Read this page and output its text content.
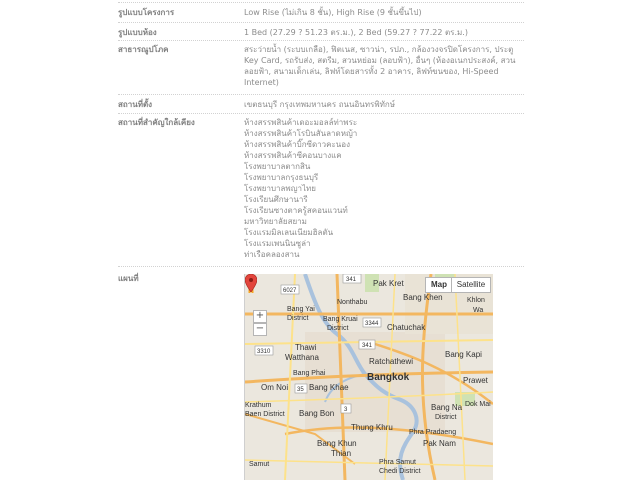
รูปแบบโครงการ	Low Rise (ไม่เกิน 8 ชั้น), High Rise (9 ชั้นขึ้นไป)
รูปแบบห้อง	1 Bed (27.29 ? 51.23 ตร.ม.), 2 Bed (59.27 ? 77.22 ตร.ม.)
สาธารณูปโภค	สระว่ายน้ำ (ระบบเกลือ), ฟิตเนส, ซาวน่า, รปภ., กล้องวงจรปิดโครงการ, ประตู Key Card, รถรับส่ง, สตรีม, สวนหย่อม (ลอบฟ้า), อื่นๆ (ห้องอเนกประสงค์, สวนลอยฟ้า, สนามเด็กเล่น, ลิฟท์โดยสารทั้ง 2 อาคาร, ลิฟท์ขนของ, Hi-Speed Internet)
สถานที่ตั้ง	เขตธนบุรี กรุงเทพมหานคร ถนนอินทรพิทักษ์
สถานที่สำคัญใกล้เคียง	ห้างสรรพสินค้าเดอะมอลล์ท่าพระ
ห้างสรรพสินค้าโรบินสันลาดหญ้า
ห้างสรรพสินค้าบิ๊กซีดาวคะนอง
ห้างสรรพสินค้าซีคอนบางแค
โรงพยาบาลตากสิน
โรงพยาบาลกรุงธนบุรี
โรงพยาบาลพญาไทย
โรงเรียนศึกษานารี
โรงเรียนซางตาครู้สคอนแวนท์
มหาวิทยาลัยสยาม
โรงแรมมิลเลนเนียมฮิลตัน
โรงแรมเพนนินซูล่า
ท่าเรือคลองสาน
แผนที่	341
6027
3344
341
3310
35
3
Pak Kret
Bang Khen	Khlon
Wa
Nonthabu
Bang Yai
District Bang Kruai
District	Chatuchak
Thawi
Watthana	Ratchathewi
Bangkok
Bang Kapi
Bang Phai
Om Noi	Bang Khae
Prawet
Krathum
Baen District Bang Bon
Bang Na
District
Dok Mai
Thung Khru
Phra Pradaeng
Pak Nam
Bang Khun
Thian
Samut	Phra Samut
Chedi District
Map	Satellite
+
−
